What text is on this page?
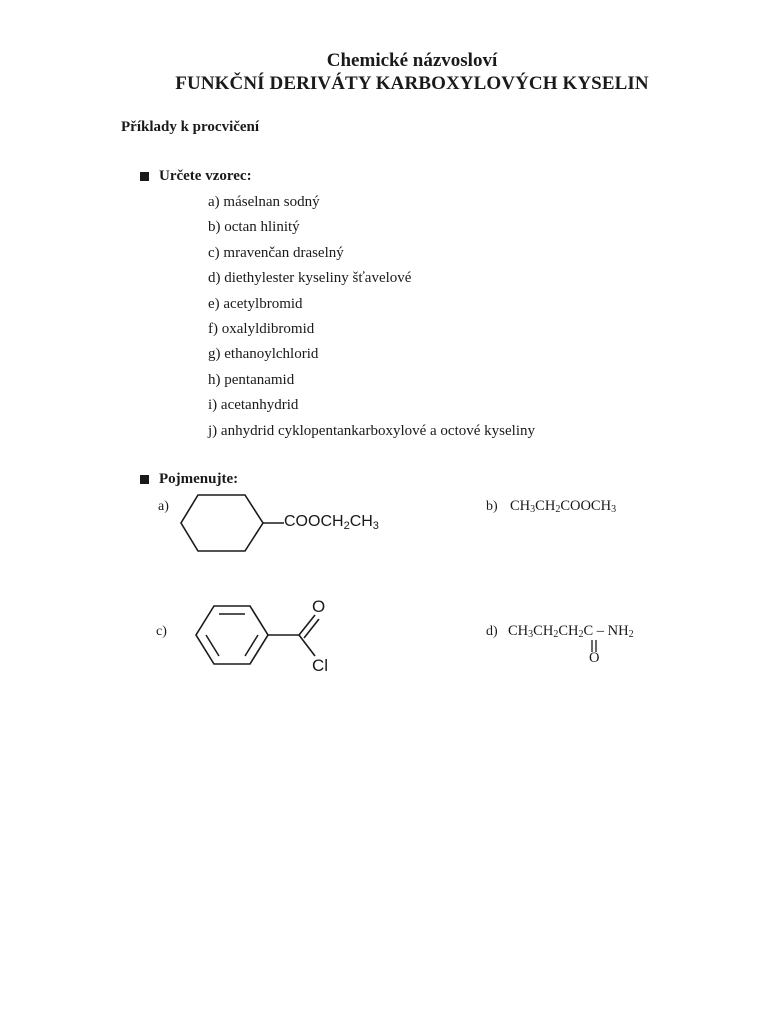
Chemické názvosloví
FUNKČNÍ DERIVÁTY KARBOXYLOVÝCH KYSELIN
Příklady k procvičení
Určete vzorec:
a) máselnan sodný
b) octan hlinitý
c) mravenčan draselný
d) diethylester kyseliny šťavelové
e) acetylbromid
f) oxalyldibromid
g) ethanoylchlorid
h) pentanamid
i) acetanhydrid
j) anhydrid cyklopentankarboxylové a octové kyseliny
Pojmenujte:
a)
$COOCH_2CH_3$
b) $CH_3CH_2COOCH_3$
c)
O
Cl
d) $CH_3CH_2CH_2C - NH_2$
O
